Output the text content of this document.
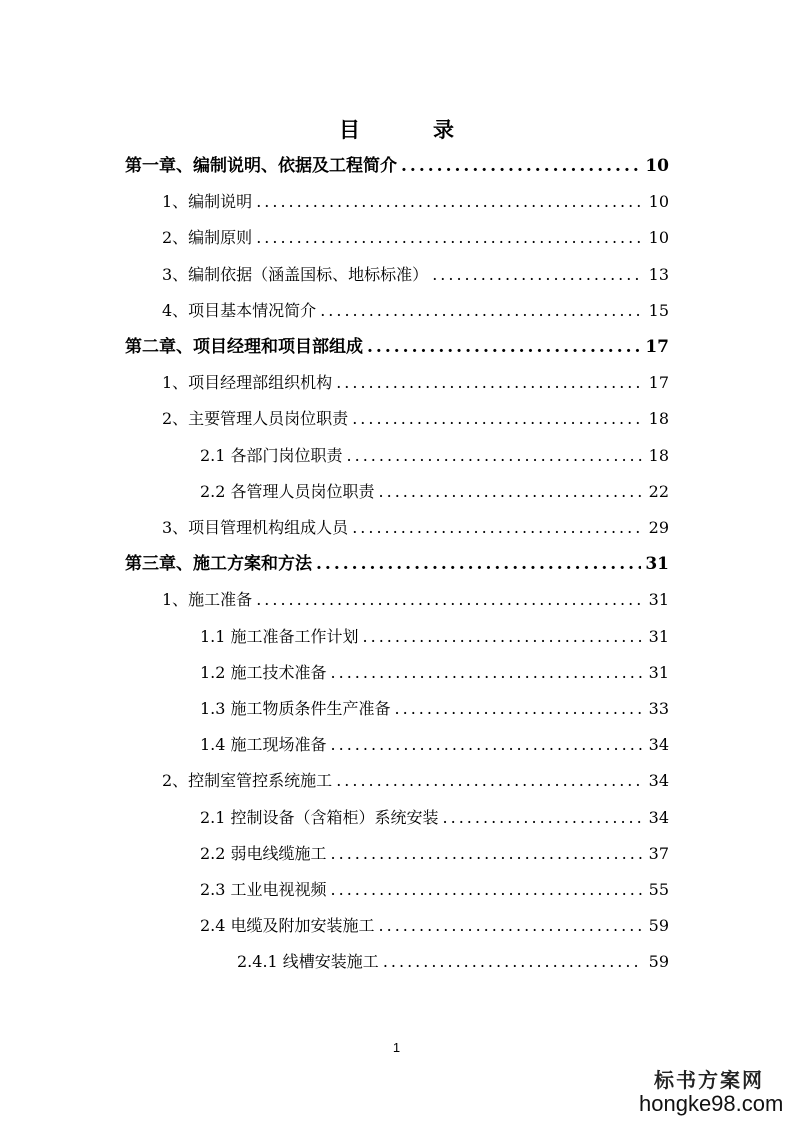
目　录
第一章、编制说明、依据及工程简介 .....	10
1、编制说明 .....	10
2、编制原则 .....	10
3、编制依据（涵盖国标、地标标准） .....	13
4、项目基本情况简介 .....	15
第二章、项目经理和项目部组成 .....	17
1、项目经理部组织机构 .....	17
2、主要管理人员岗位职责 .....	18
2.1 各部门岗位职责 .....	18
2.2 各管理人员岗位职责 .....	22
3、项目管理机构组成人员 .....	29
第三章、施工方案和方法 .....	31
1、施工准备 .....	31
1.1 施工准备工作计划 .....	31
1.2 施工技术准备 .....	31
1.3 施工物质条件生产准备 .....	33
1.4 施工现场准备 .....	34
2、控制室管控系统施工 .....	34
2.1 控制设备（含箱柜）系统安装 .....	34
2.2 弱电线缆施工 .....	37
2.3 工业电视视频 .....	55
2.4 电缆及附加安装施工 .....	59
2.4.1 线槽安装施工 .....	59
1
标书方案网
hongke98.com
